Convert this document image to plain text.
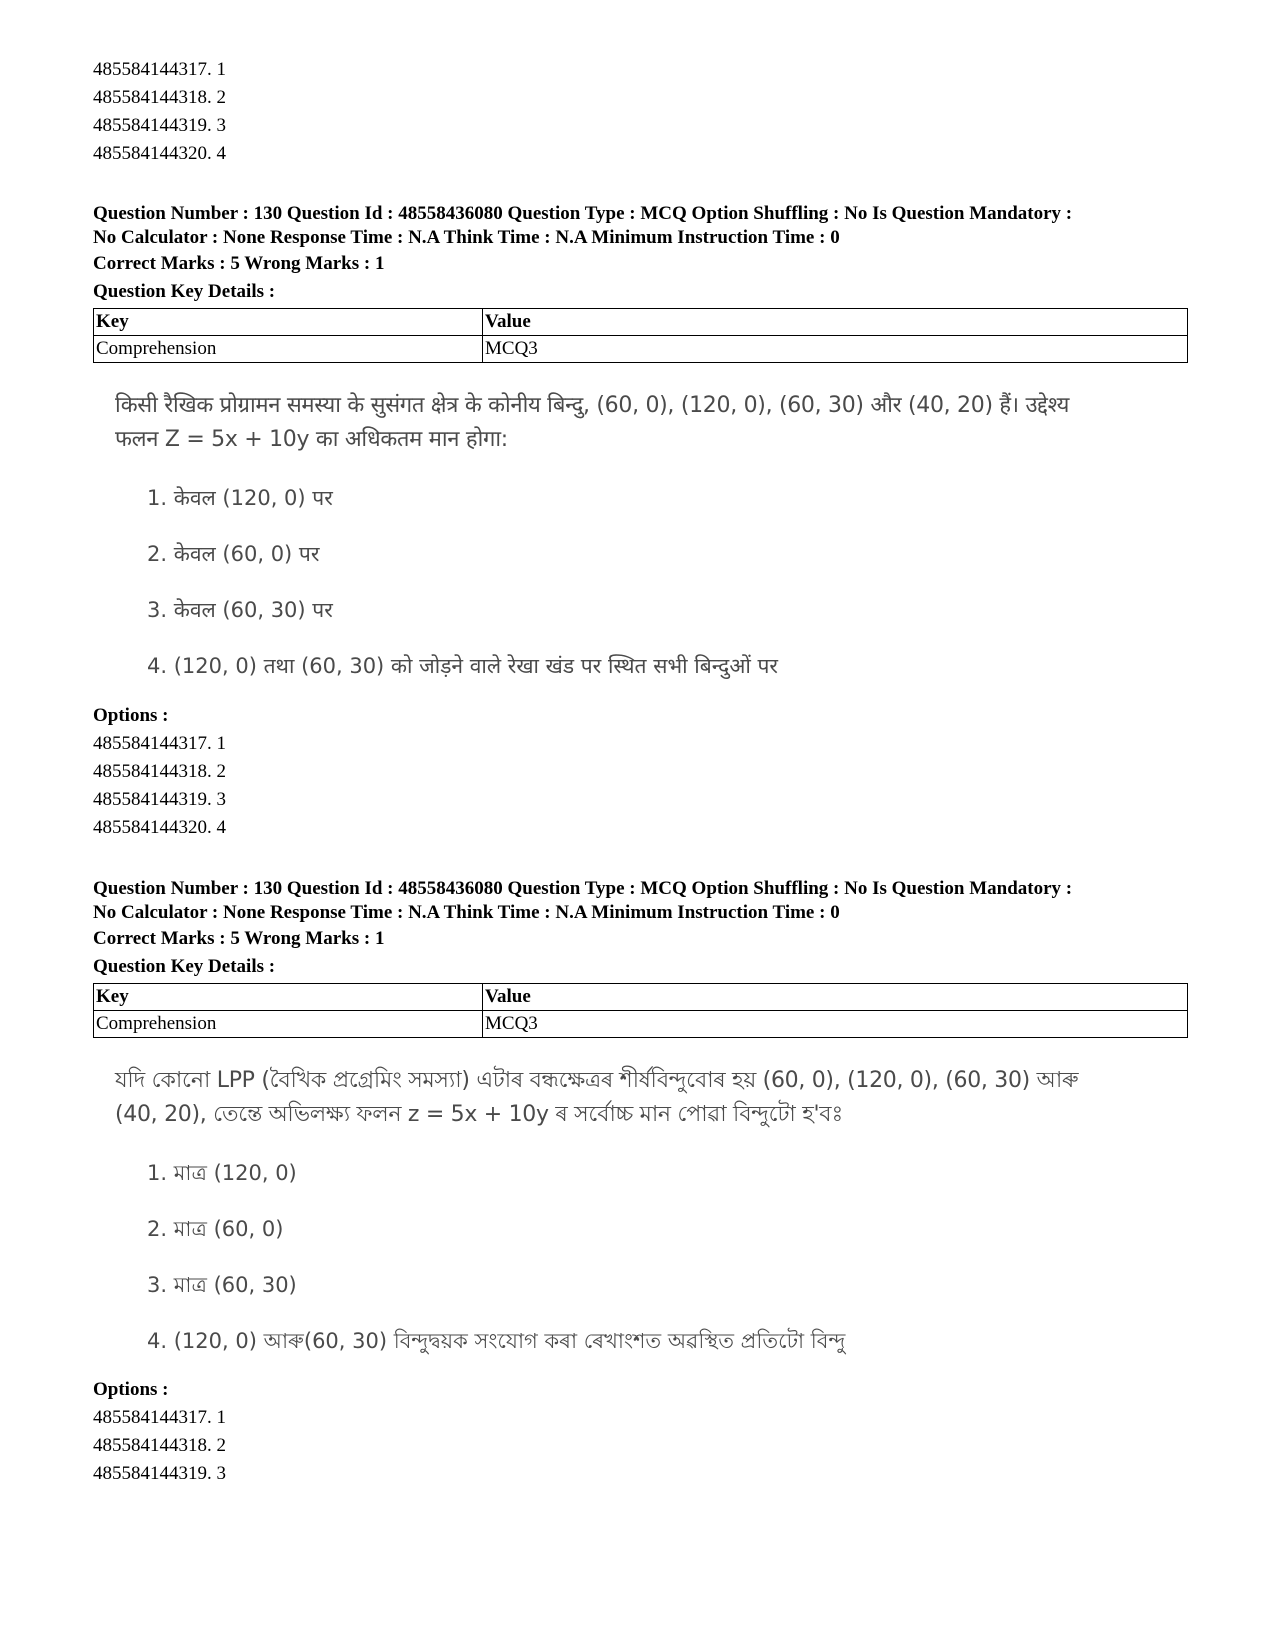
485584144317. 1
485584144318. 2
485584144319. 3
485584144320. 4
Question Number : 130 Question Id : 48558436080 Question Type : MCQ Option Shuffling : No Is Question Mandatory :
No Calculator : None Response Time : N.A Think Time : N.A Minimum Instruction Time : 0
Correct Marks : 5 Wrong Marks : 1
Question Key Details :
Key	Value
Comprehension	MCQ3
किसी रैखिक प्रोग्रामन समस्या के सुसंगत क्षेत्र के कोनीय बिन्दु, (60, 0), (120, 0), (60, 30) और (40, 20) हैं। उद्देश्य
फलन Z = 5x + 10y का अधिकतम मान होगा:
1. केवल (120, 0) पर
2. केवल (60, 0) पर
3. केवल (60, 30) पर
4. (120, 0) तथा (60, 30) को जोड़ने वाले रेखा खंड पर स्थित सभी बिन्दुओं पर
Options :
485584144317. 1
485584144318. 2
485584144319. 3
485584144320. 4
Question Number : 130 Question Id : 48558436080 Question Type : MCQ Option Shuffling : No Is Question Mandatory :
No Calculator : None Response Time : N.A Think Time : N.A Minimum Instruction Time : 0
Correct Marks : 5 Wrong Marks : 1
Question Key Details :
Key	Value
Comprehension	MCQ3
যদি কোনো LPP (বৈখিক প্ৰগ্ৰেমিং সমস্যা) এটাৰ বন্ধক্ষেত্ৰৰ শীৰ্ষবিন্দুবোৰ হয় (60, 0), (120, 0), (60, 30) আৰু
(40, 20), তেন্তে অভিলক্ষ্য ফলন z = 5x + 10y ৰ সৰ্বোচ্চ মান পোৱা বিন্দুটো হ'বঃ
1. মাত্ৰ (120, 0)
2. মাত্ৰ (60, 0)
3. মাত্ৰ (60, 30)
4. (120, 0) আৰু(60, 30) বিন্দুদ্বয়ক সংযোগ কৰা ৰেখাংশত অৱস্থিত প্ৰতিটো বিন্দু
Options :
485584144317. 1
485584144318. 2
485584144319. 3
